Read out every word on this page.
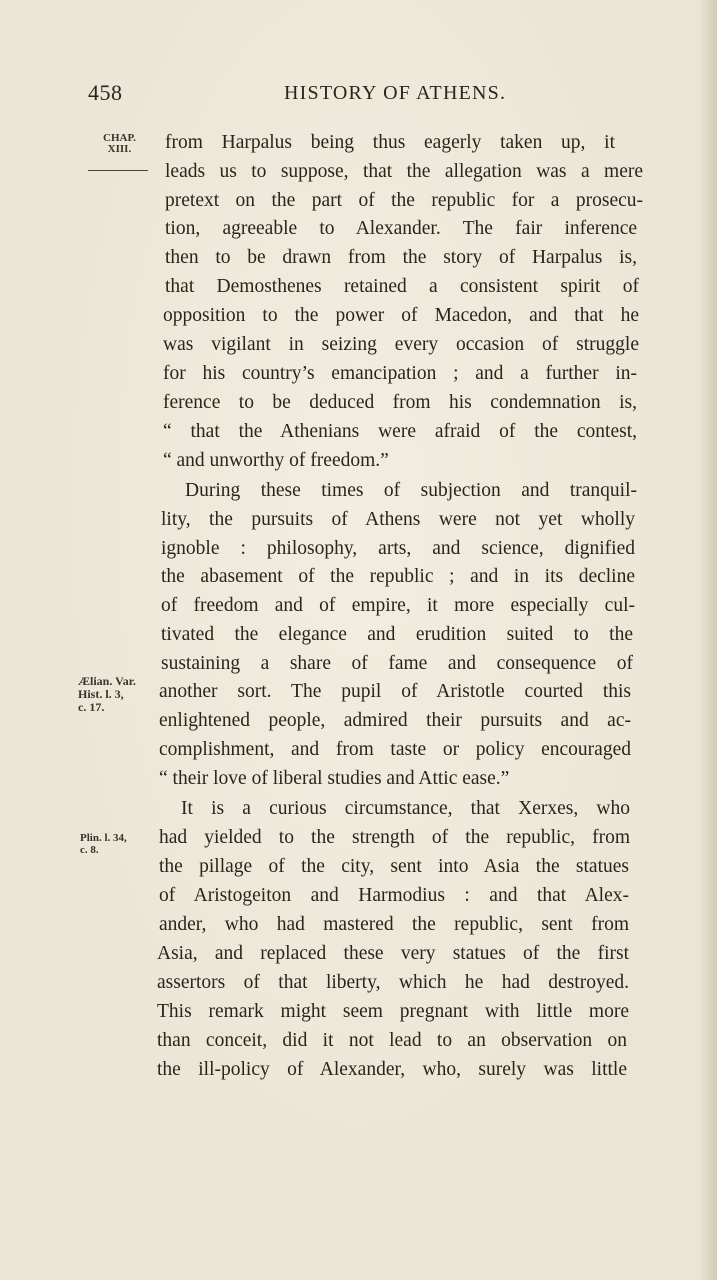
458	HISTORY OF ATHENS.
CHAP.
XIII.
Ælian. Var.
Hist. l. 3,
c. 17.
Plin. l. 34,
c. 8.
from Harpalus being thus eagerly taken up, it
leads us to suppose, that the allegation was a mere
pretext on the part of the republic for a prosecu-
tion, agreeable to Alexander. The fair inference
then to be drawn from the story of Harpalus is,
that Demosthenes retained a consistent spirit of
opposition to the power of Macedon, and that he
was vigilant in seizing every occasion of struggle
for his country’s emancipation ; and a further in-
ference to be deduced from his condemnation is,
“ that the Athenians were afraid of the contest,
“ and unworthy of freedom.”
During these times of subjection and tranquil-
lity, the pursuits of Athens were not yet wholly
ignoble : philosophy, arts, and science, dignified
the abasement of the republic ; and in its decline
of freedom and of empire, it more especially cul-
tivated the elegance and erudition suited to the
sustaining a share of fame and consequence of
another sort. The pupil of Aristotle courted this
enlightened people, admired their pursuits and ac-
complishment, and from taste or policy encouraged
“ their love of liberal studies and Attic ease.”
It is a curious circumstance, that Xerxes, who
had yielded to the strength of the republic, from
the pillage of the city, sent into Asia the statues
of Aristogeiton and Harmodius : and that Alex-
ander, who had mastered the republic, sent from
Asia, and replaced these very statues of the first
assertors of that liberty, which he had destroyed.
This remark might seem pregnant with little more
than conceit, did it not lead to an observation on
the ill-policy of Alexander, who, surely was little
